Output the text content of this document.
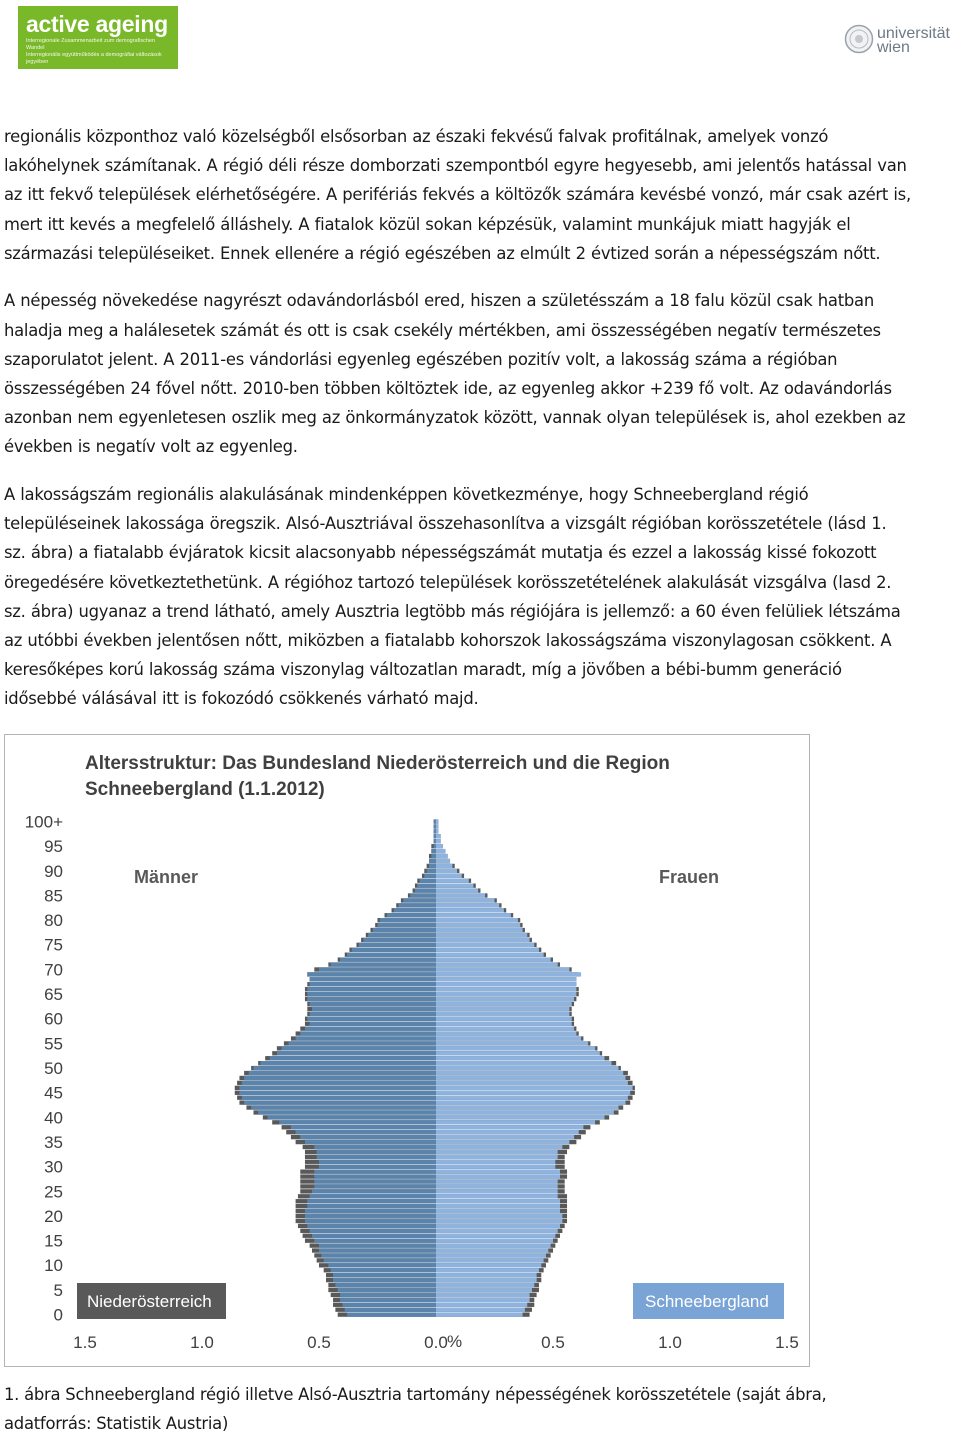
active ageing
Interregionale Zusammenarbeit zum demografischen Wandel
Interregionális együttműködés a demográfiai változások jegyében
universität
wien

regionális központhoz való közelségből elsősorban az északi fekvésű falvak profitálnak, amelyek vonzó
lakóhelynek számítanak. A régió déli része domborzati szempontból egyre hegyesebb, ami jelentős hatással van
az itt fekvő települések elérhetőségére. A perifériás fekvés a költözők számára kevésbé vonzó, már csak azért is,
mert itt kevés a megfelelő álláshely. A fiatalok közül sokan képzésük, valamint munkájuk miatt hagyják el
származási településeiket. Ennek ellenére a régió egészében az elmúlt 2 évtized során a népességszám nőtt.

A népesség növekedése nagyrészt odavándorlásból ered, hiszen a születésszám a 18 falu közül csak hatban
haladja meg a halálesetek számát és ott is csak csekély mértékben, ami összességében negatív természetes
szaporulatot jelent. A 2011-es vándorlási egyenleg egészében pozitív volt, a lakosság száma a régióban
összességében 24 fővel nőtt. 2010-ben többen költöztek ide, az egyenleg akkor +239 fő volt. Az odavándorlás
azonban nem egyenletesen oszlik meg az önkormányzatok között, vannak olyan települések is, ahol ezekben az
években is negatív volt az egyenleg.

A lakosságszám regionális alakulásának mindenképpen következménye, hogy Schneebergland régió
településeinek lakossága öregszik. Alsó-Ausztriával összehasonlítva a vizsgált régióban korösszetétele (lásd 1.
sz. ábra) a fiatalabb évjáratok kicsit alacsonyabb népességszámát mutatja és ezzel a lakosság kissé fokozott
öregedésére következtethetünk. A régióhoz tartozó települések korösszetételének alakulását vizsgálva (lasd 2.
sz. ábra) ugyanaz a trend látható, amely Ausztria legtöbb más régiójára is jellemző: a 60 éven felüliek létszáma
az utóbbi években jelentősen nőtt, miközben a fiatalabb kohorszok lakosságszáma viszonylagosan csökkent. A
keresőképes korú lakosság száma viszonylag változatlan maradt, míg a jövőben a bébi-bumm generáció
idősebbé válásával itt is fokozódó csökkenés várható majd.

Altersstruktur: Das Bundesland Niederösterreich und die Region
Schneebergland (1.1.2012)
Männer	Frauen
100+
95
90
85
80
75
70
65
60
55
50
45
40
35
30
25
20
15
10
5
0
1.5	1.0	0.5	0.0	0.5	1.0	1.5
%
Niederösterreich	Schneebergland
1. ábra Schneebergland régió illetve Alsó-Ausztria tartomány népességének korösszetétele (saját ábra,
adatforrás: Statistik Austria)
